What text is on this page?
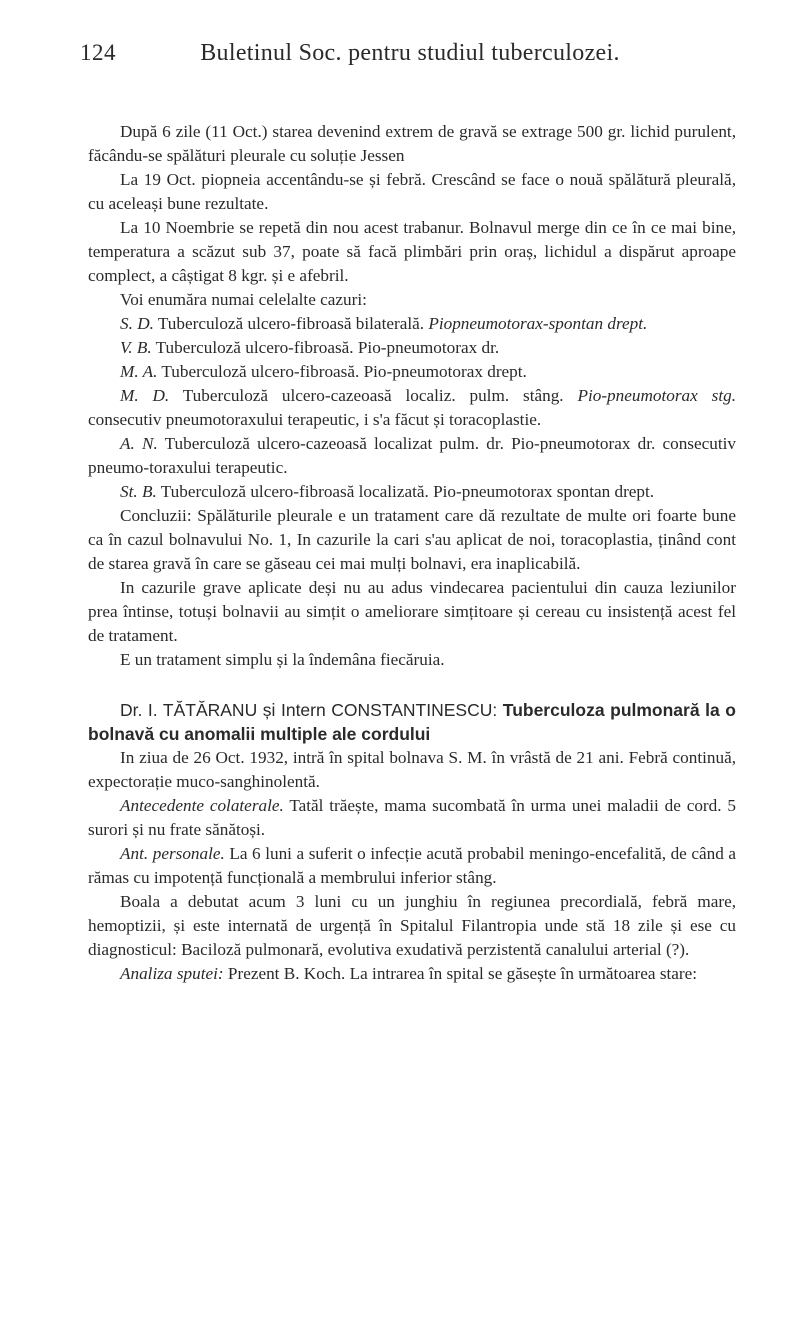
124	Buletinul Soc. pentru studiul tuberculozei.

După 6 zile (11 Oct.) starea devenind extrem de gravă se extrage 500 gr. lichid purulent, făcându-se spălături pleurale cu soluție Jessen

La 19 Oct. piopneia accentându-se și febră. Crescând se face o nouă spălătură pleurală, cu aceleași bune rezultate.

La 10 Noembrie se repetă din nou acest trabanur. Bolnavul merge din ce în ce mai bine, temperatura a scăzut sub 37, poate să facă plimbări prin oraș, lichidul a dispărut aproape complect, a câștigat 8 kgr. și e afebril.

Voi enumăra numai celelalte cazuri:

S. D. Tuberculoză ulcero-fibroasă bilaterală. Piopneumotorax-spontan drept.

V. B. Tuberculoză ulcero-fibroasă. Pio-pneumotorax dr.

M. A. Tuberculoză ulcero-fibroasă. Pio-pneumotorax drept.

M. D. Tuberculoză ulcero-cazeoasă localiz. pulm. stâng. Pio-pneumotorax stg. consecutiv pneumotoraxului terapeutic, i s'a făcut și toracoplastie.

A. N. Tuberculoză ulcero-cazeoasă localizat pulm. dr. Pio-pneumotorax dr. consecutiv pneumo-toraxului terapeutic.

St. B. Tuberculoză ulcero-fibroasă localizată. Pio-pneumotorax spontan drept.

Concluzii: Spălăturile pleurale e un tratament care dă rezultate de multe ori foarte bune ca în cazul bolnavului No. 1, In cazurile la cari s'au aplicat de noi, toracoplastia, ținând cont de starea gravă în care se găseau cei mai mulți bolnavi, era inaplicabilă.

In cazurile grave aplicate deși nu au adus vindecarea pacientului din cauza leziunilor prea întinse, totuși bolnavii au simțit o ameliorare simțitoare și cereau cu insistență acest fel de tratament.

E un tratament simplu și la îndemâna fiecăruia.

Dr. I. TĂTĂRANU și Intern CONSTANTINESCU: Tuberculoza pulmonară la o bolnavă cu anomalii multiple ale cordului

In ziua de 26 Oct. 1932, intră în spital bolnava S. M. în vrâstă de 21 ani. Febră continuă, expectorație muco-sanghinolentă.

Antecedente colaterale. Tatăl trăește, mama sucombată în urma unei maladii de cord. 5 surori și nu frate sănătoși.

Ant. personale. La 6 luni a suferit o infecție acută probabil meningo-encefalită, de când a rămas cu impotență funcțională a membrului inferior stâng.

Boala a debutat acum 3 luni cu un junghiu în regiunea precordială, febră mare, hemoptizii, și este internată de urgență în Spitalul Filantropia unde stă 18 zile și ese cu diagnosticul: Baciloză pulmonară, evolutiva exudativă perzistentă canalului arterial (?).

Analiza sputei: Prezent B. Koch. La intrarea în spital se găsește în următoarea stare:
